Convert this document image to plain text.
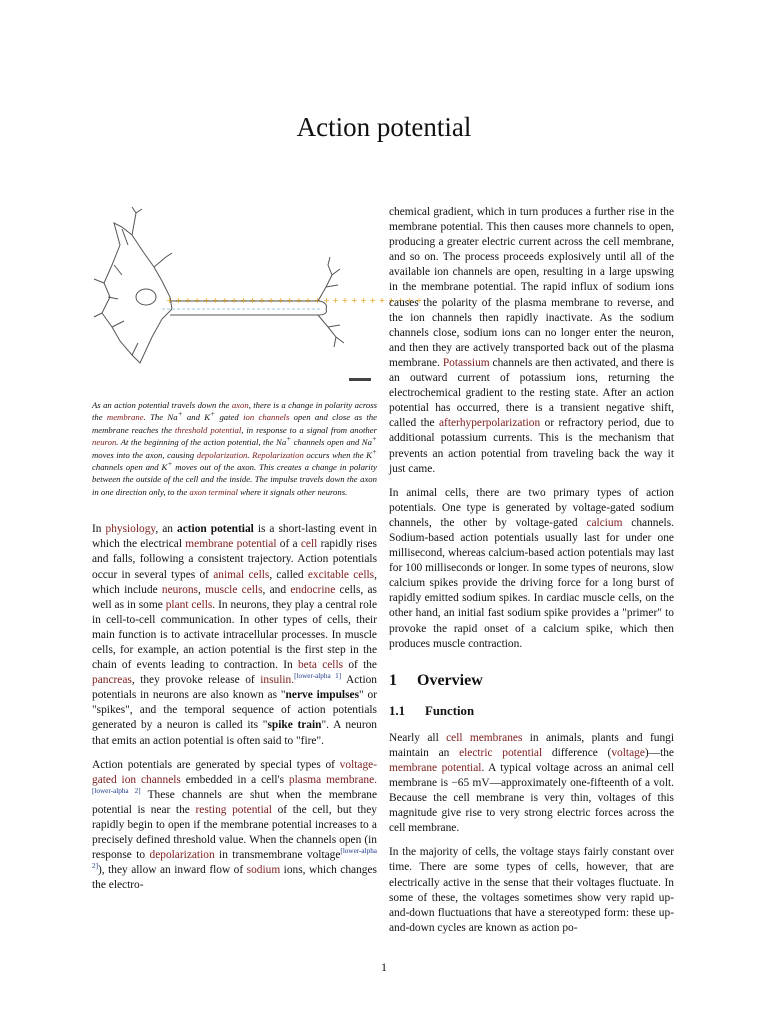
Action potential
+ + + + + + + + + + + + + + + + + + + + + + + + + + + +

As an action potential travels down the axon, there is a change in polarity across the membrane. The Na+ and K+ gated ion channels open and close as the membrane reaches the threshold potential, in response to a signal from another neuron. At the beginning of the action potential, the Na+ channels open and Na+ moves into the axon, causing depolarization. Repolarization occurs when the K+ channels open and K+ moves out of the axon. This creates a change in polarity between the outside of the cell and the inside. The impulse travels down the axon in one direction only, to the axon terminal where it signals other neurons.

In physiology, an action potential is a short-lasting event in which the electrical membrane potential of a cell rapidly rises and falls, following a consistent trajectory. Action potentials occur in several types of animal cells, called excitable cells, which include neurons, muscle cells, and endocrine cells, as well as in some plant cells. In neurons, they play a central role in cell-to-cell communication. In other types of cells, their main function is to activate intracellular processes. In muscle cells, for example, an action potential is the first step in the chain of events leading to contraction. In beta cells of the pancreas, they provoke release of insulin.[lower-alpha 1] Action potentials in neurons are also known as "nerve impulses" or "spikes", and the temporal sequence of action potentials generated by a neuron is called its "spike train". A neuron that emits an action potential is often said to "fire".

Action potentials are generated by special types of voltage-gated ion channels embedded in a cell's plasma membrane.[lower-alpha 2] These channels are shut when the membrane potential is near the resting potential of the cell, but they rapidly begin to open if the membrane potential increases to a precisely defined threshold value. When the channels open (in response to depolarization in transmembrane voltage[lower-alpha 2]), they allow an inward flow of sodium ions, which changes the electro-

chemical gradient, which in turn produces a further rise in the membrane potential. This then causes more channels to open, producing a greater electric current across the cell membrane, and so on. The process proceeds explosively until all of the available ion channels are open, resulting in a large upswing in the membrane potential. The rapid influx of sodium ions causes the polarity of the plasma membrane to reverse, and the ion channels then rapidly inactivate. As the sodium channels close, sodium ions can no longer enter the neuron, and then they are actively transported back out of the plasma membrane. Potassium channels are then activated, and there is an outward current of potassium ions, returning the electrochemical gradient to the resting state. After an action potential has occurred, there is a transient negative shift, called the afterhyperpolarization or refractory period, due to additional potassium currents. This is the mechanism that prevents an action potential from traveling back the way it just came.

In animal cells, there are two primary types of action potentials. One type is generated by voltage-gated sodium channels, the other by voltage-gated calcium channels. Sodium-based action potentials usually last for under one millisecond, whereas calcium-based action potentials may last for 100 milliseconds or longer. In some types of neurons, slow calcium spikes provide the driving force for a long burst of rapidly emitted sodium spikes. In cardiac muscle cells, on the other hand, an initial fast sodium spike provides a "primer" to provoke the rapid onset of a calcium spike, which then produces muscle contraction.

1 Overview
1.1 Function

Nearly all cell membranes in animals, plants and fungi maintain an electric potential difference (voltage)—the membrane potential. A typical voltage across an animal cell membrane is −65 mV—approximately one-fifteenth of a volt. Because the cell membrane is very thin, voltages of this magnitude give rise to very strong electric forces across the cell membrane.

In the majority of cells, the voltage stays fairly constant over time. There are some types of cells, however, that are electrically active in the sense that their voltages fluctuate. In some of these, the voltages sometimes show very rapid up-and-down fluctuations that have a stereotyped form: these up-and-down cycles are known as action po-

1
